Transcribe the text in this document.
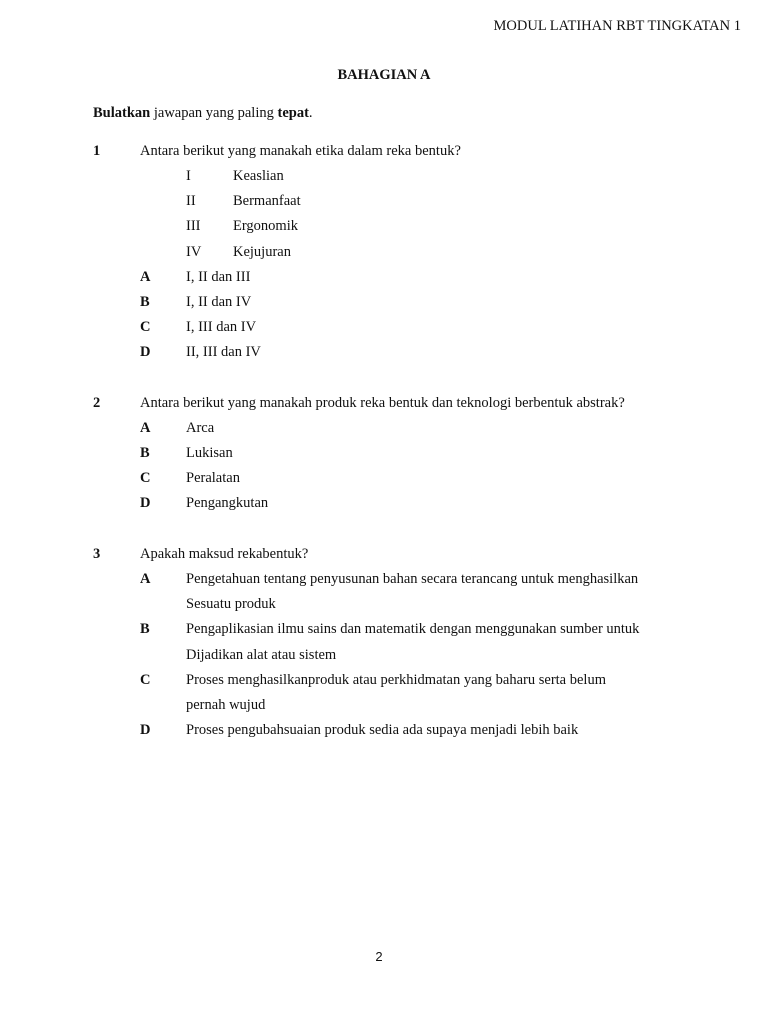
MODUL LATIHAN RBT TINGKATAN 1
BAHAGIAN A
Bulatkan jawapan yang paling tepat.
1	Antara berikut yang manakah etika dalam reka bentuk?
I	Keaslian
II	Bermanfaat
III Ergonomik
IV Kejujuran
A I, II dan III
B	I, II dan IV
C I, III dan IV
D II, III dan IV
2	Antara berikut yang manakah produk reka bentuk dan teknologi berbentuk abstrak?
A Arca
B	Lukisan
C Peralatan
D Pengangkutan
3	Apakah maksud rekabentuk?
A Pengetahuan tentang penyusunan bahan secara terancang untuk menghasilkan
Sesuatu produk
B	Pengaplikasian ilmu sains dan matematik dengan menggunakan sumber untuk
Dijadikan alat atau sistem
C Proses menghasilkanproduk atau perkhidmatan yang baharu serta belum
pernah wujud
D Proses pengubahsuaian produk sedia ada supaya menjadi lebih baik
2
